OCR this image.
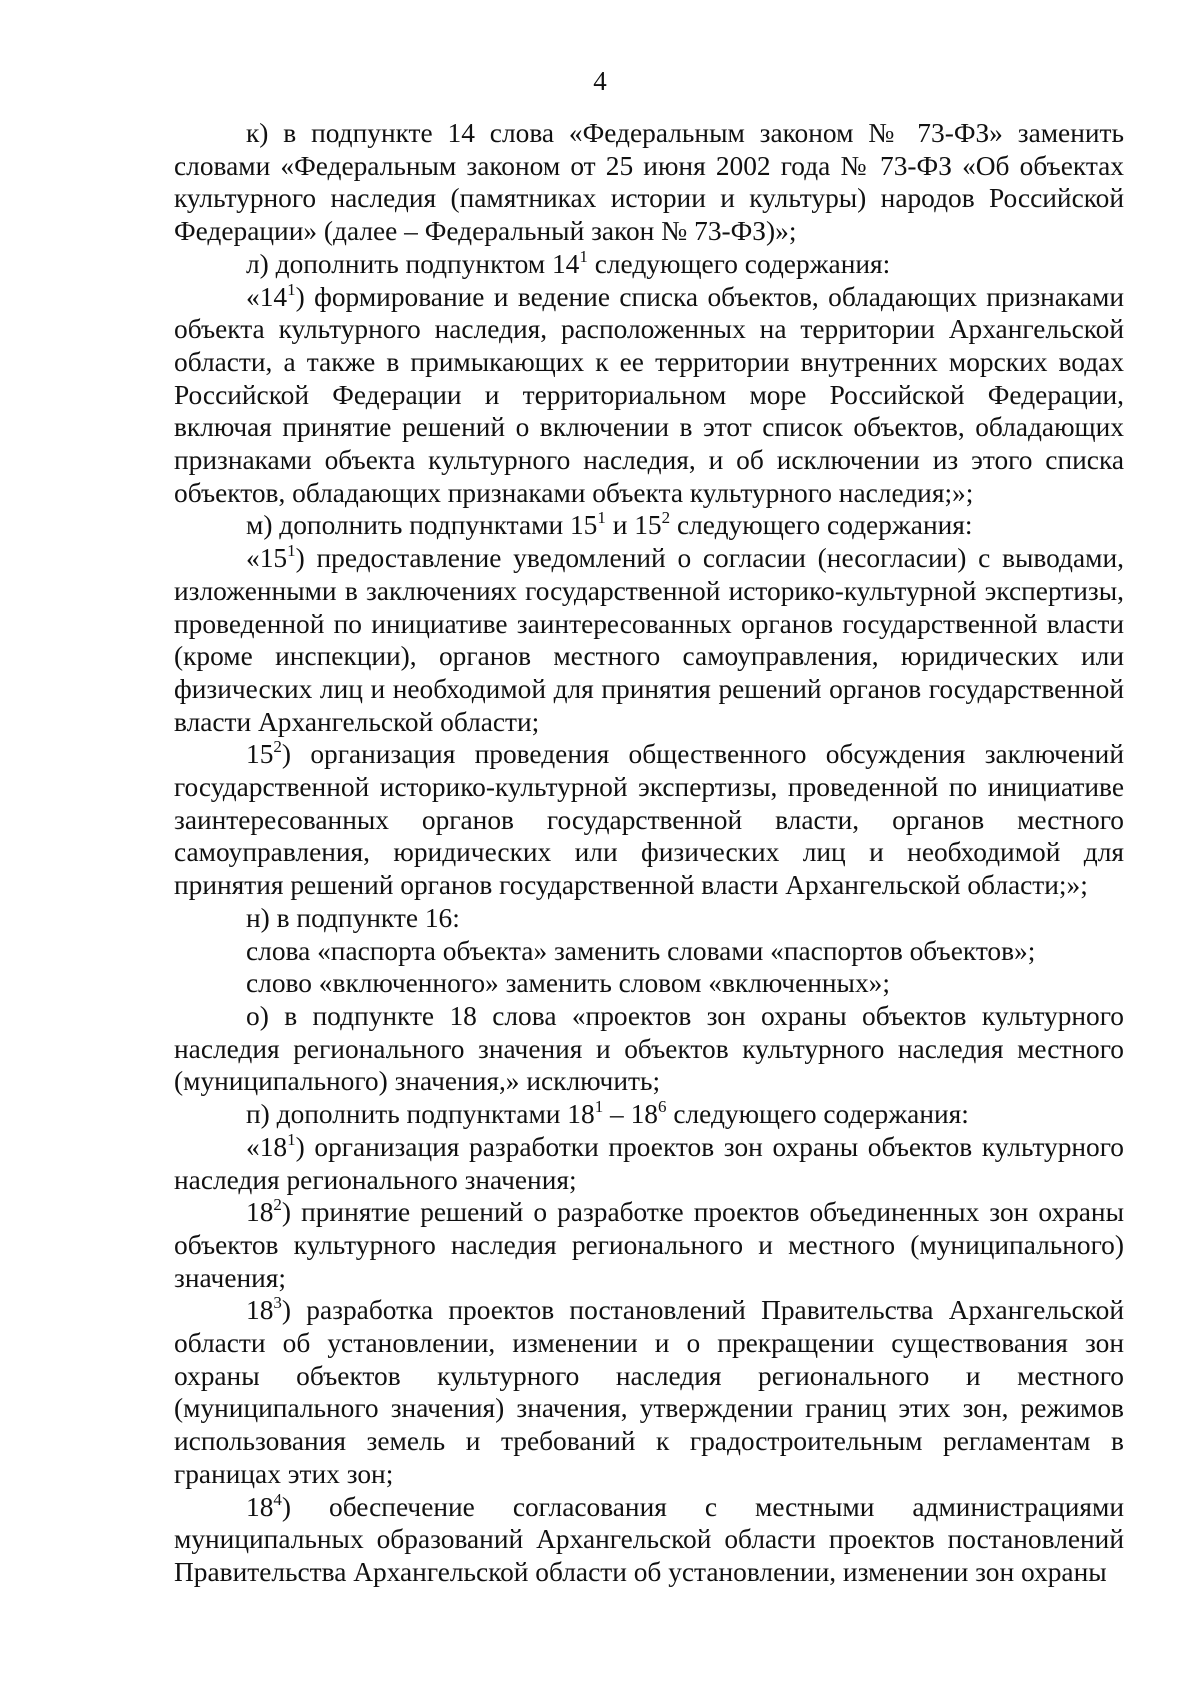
4

к) в подпункте 14 слова «Федеральным законом № 73-ФЗ» заменить словами «Федеральным законом от 25 июня 2002 года № 73-ФЗ «Об объектах культурного наследия (памятниках истории и культуры) народов Российской Федерации» (далее – Федеральный закон № 73-ФЗ)»;

л) дополнить подпунктом $14^1$ следующего содержания:

«$14^1$) формирование и ведение списка объектов, обладающих признаками объекта культурного наследия, расположенных на территории Архангельской области, а также в примыкающих к ее территории внутренних морских водах Российской Федерации и территориальном море Российской Федерации, включая принятие решений о включении в этот список объектов, обладающих признаками объекта культурного наследия, и об исключении из этого списка объектов, обладающих признаками объекта культурного наследия;»;

м) дополнить подпунктами $15^1$ и $15^2$ следующего содержания:

«$15^1$) предоставление уведомлений о согласии (несогласии) с выводами, изложенными в заключениях государственной историко-культурной экспертизы, проведенной по инициативе заинтересованных органов государственной власти (кроме инспекции), органов местного самоуправления, юридических или физических лиц и необходимой для принятия решений органов государственной власти Архангельской области;

$15^2$) организация проведения общественного обсуждения заключений государственной историко-культурной экспертизы, проведенной по инициативе заинтересованных органов государственной власти, органов местного самоуправления, юридических или физических лиц и необходимой для принятия решений органов государственной власти Архангельской области;»;

н) в подпункте 16:

слова «паспорта объекта» заменить словами «паспортов объектов»;

слово «включенного» заменить словом «включенных»;

о) в подпункте 18 слова «проектов зон охраны объектов культурного наследия регионального значения и объектов культурного наследия местного (муниципального) значения,» исключить;

п) дополнить подпунктами $18^1 - 18^6$ следующего содержания:

«$18^1$) организация разработки проектов зон охраны объектов культурного наследия регионального значения;

$18^2$) принятие решений о разработке проектов объединенных зон охраны объектов культурного наследия регионального и местного (муниципального) значения;

$18^3$) разработка проектов постановлений Правительства Архангельской области об установлении, изменении и о прекращении существования зон охраны объектов культурного наследия регионального и местного (муниципального значения) значения, утверждении границ этих зон, режимов использования земель и требований к градостроительным регламентам в границах этих зон;

$18^4$) обеспечение согласования с местными администрациями муниципальных образований Архангельской области проектов постановлений Правительства Архангельской области об установлении, изменении зон охраны
